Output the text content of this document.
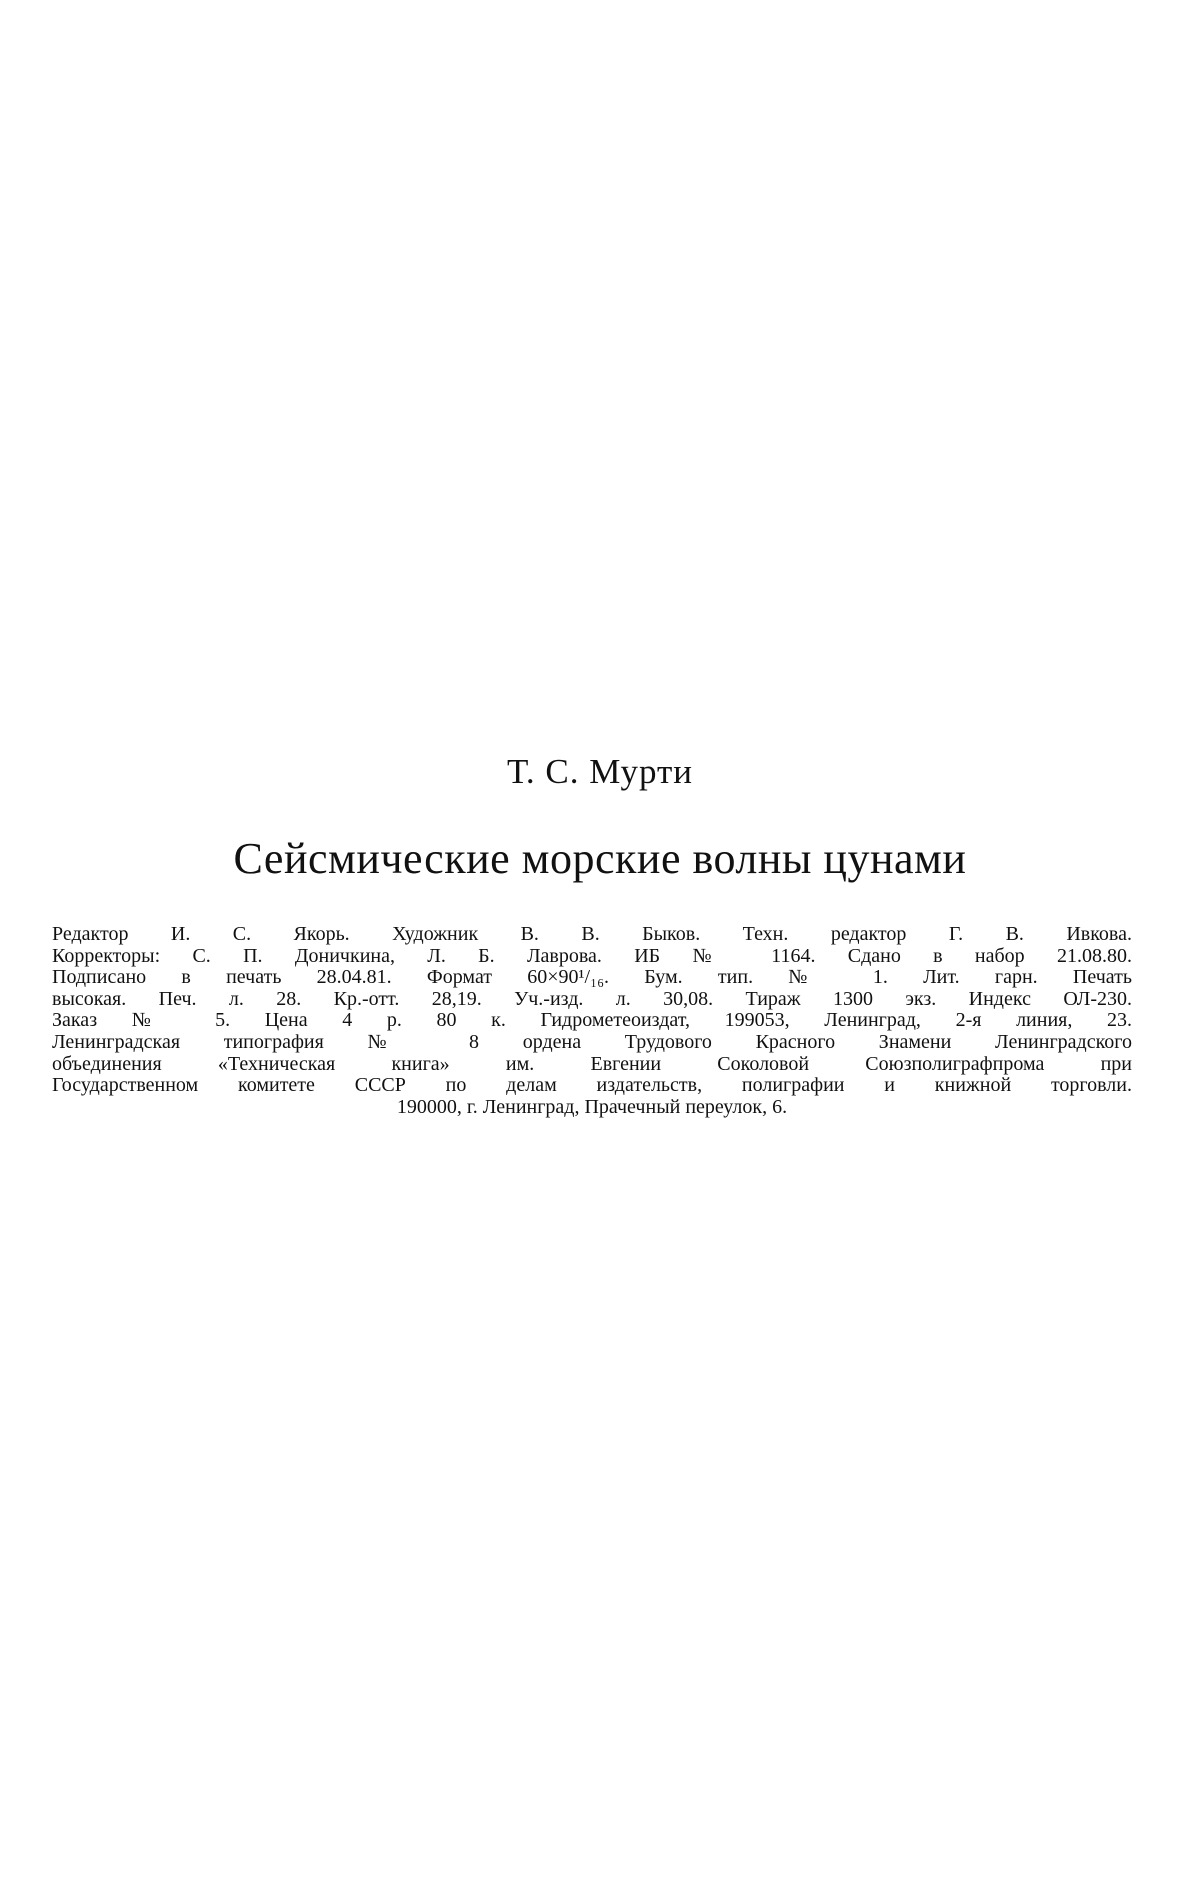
Т. С. Мурти
Сейсмические морские волны цунами
Редактор И. С. Якорь. Художник В. В. Быков. Техн. редактор Г. В. Ивкова.
Корректоры: С. П. Доничкина, Л. Б. Лаврова. ИБ № 1164. Сдано в набор 21.08.80.
Подписано в печать 28.04.81. Формат 60×90¹/₁₆. Бум. тип. № 1. Лит. гарн. Печать
высокая. Печ. л. 28. Кр.-отт. 28,19. Уч.-изд. л. 30,08. Тираж 1300 экз. Индекс ОЛ-230.
Заказ № 5. Цена 4 р. 80 к. Гидрометеоиздат, 199053, Ленинград, 2-я линия, 23.
Ленинградская типография № 8 ордена Трудового Красного Знамени Ленинградского
объединения «Техническая книга» им. Евгении Соколовой Союзполиграфпрома при
Государственном комитете СССР по делам издательств, полиграфии и книжной торговли.
190000, г. Ленинград, Прачечный переулок, 6.
